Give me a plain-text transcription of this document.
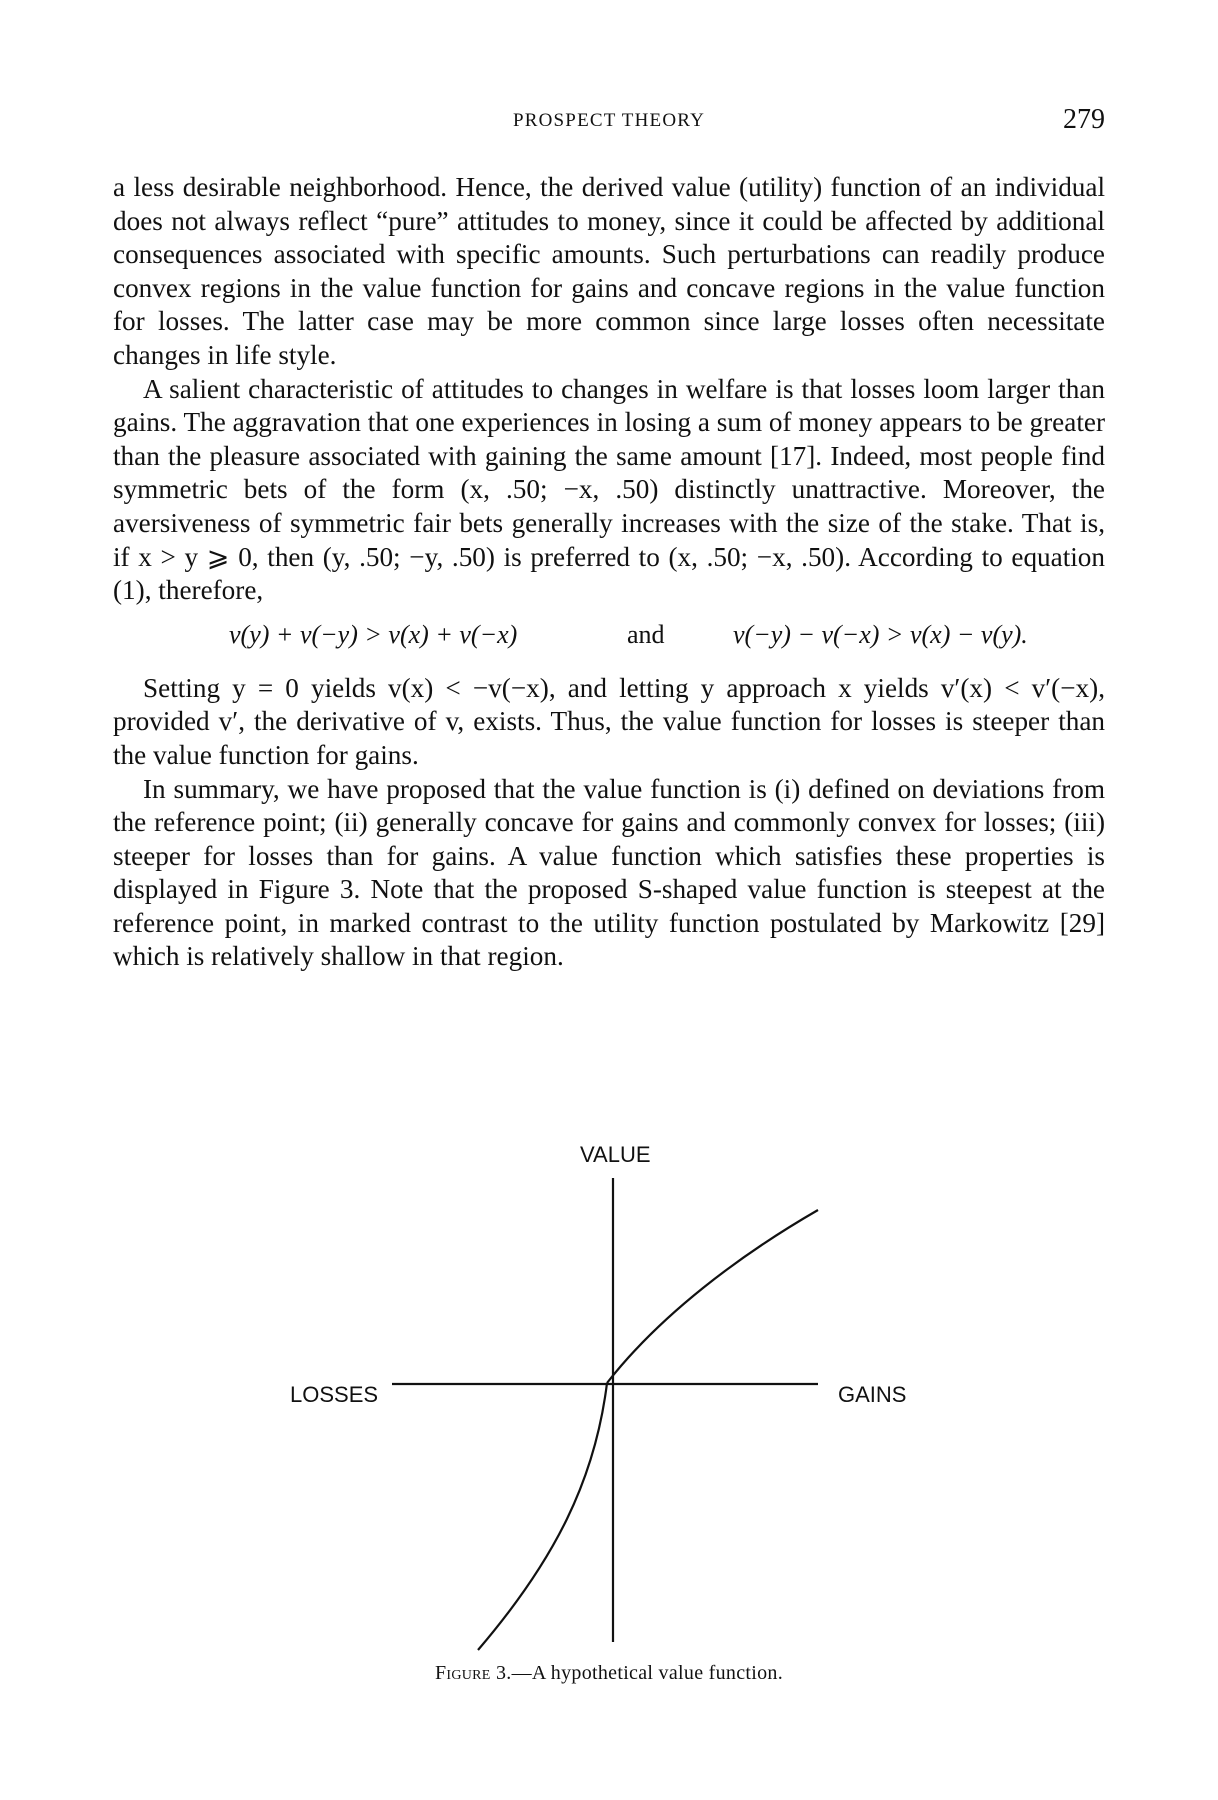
PROSPECT THEORY	279

a less desirable neighborhood. Hence, the derived value (utility) function of an individual does not always reflect “pure” attitudes to money, since it could be affected by additional consequences associated with specific amounts. Such perturbations can readily produce convex regions in the value function for gains and concave regions in the value function for losses. The latter case may be more common since large losses often necessitate changes in life style.

A salient characteristic of attitudes to changes in welfare is that losses loom larger than gains. The aggravation that one experiences in losing a sum of money appears to be greater than the pleasure associated with gaining the same amount [17]. Indeed, most people find symmetric bets of the form (x, .50; −x, .50) distinctly unattractive. Moreover, the aversiveness of symmetric fair bets generally increases with the size of the stake. That is, if x > y ⩾ 0, then (y, .50; −y, .50) is preferred to (x, .50; −x, .50). According to equation (1), therefore,

v(y) + v(−y) > v(x) + v(−x)	and	v(−y) − v(−x) > v(x) − v(y).

Setting y = 0 yields v(x) < −v(−x), and letting y approach x yields v′(x) < v′(−x), provided v′, the derivative of v, exists. Thus, the value function for losses is steeper than the value function for gains.

In summary, we have proposed that the value function is (i) defined on deviations from the reference point; (ii) generally concave for gains and commonly convex for losses; (iii) steeper for losses than for gains. A value function which satisfies these properties is displayed in Figure 3. Note that the proposed S-shaped value function is steepest at the reference point, in marked contrast to the utility function postulated by Markowitz [29] which is relatively shallow in that region.

VALUE
LOSSES	GAINS
Figure 3.—A hypothetical value function.
